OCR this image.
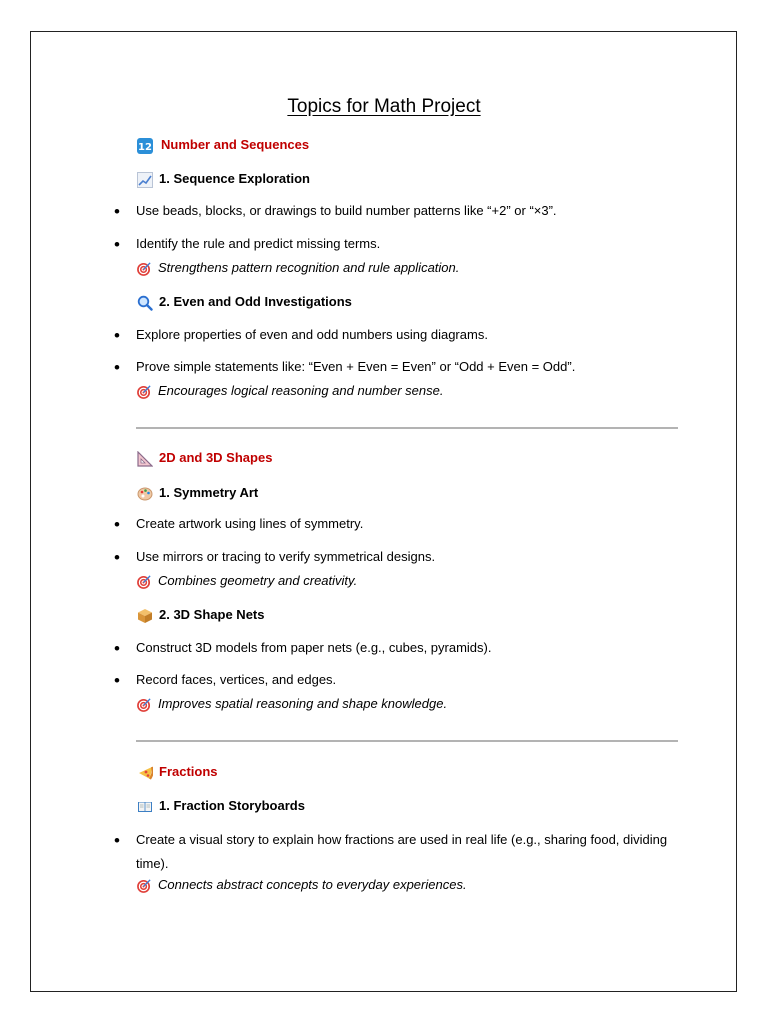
Topics for Math Project
12 Number and Sequences
1. Sequence Exploration
• Use beads, blocks, or drawings to build number patterns like “+2” or “×3”.
• Identify the rule and predict missing terms.
Strengthens pattern recognition and rule application.
2. Even and Odd Investigations
• Explore properties of even and odd numbers using diagrams.
• Prove simple statements like: “Even + Even = Even” or “Odd + Even = Odd”.
Encourages logical reasoning and number sense.
2D and 3D Shapes
1. Symmetry Art
• Create artwork using lines of symmetry.
• Use mirrors or tracing to verify symmetrical designs.
Combines geometry and creativity.
2. 3D Shape Nets
• Construct 3D models from paper nets (e.g., cubes, pyramids).
• Record faces, vertices, and edges.
Improves spatial reasoning and shape knowledge.
Fractions
1. Fraction Storyboards
• Create a visual story to explain how fractions are used in real life (e.g., sharing food, dividing time).
Connects abstract concepts to everyday experiences.
